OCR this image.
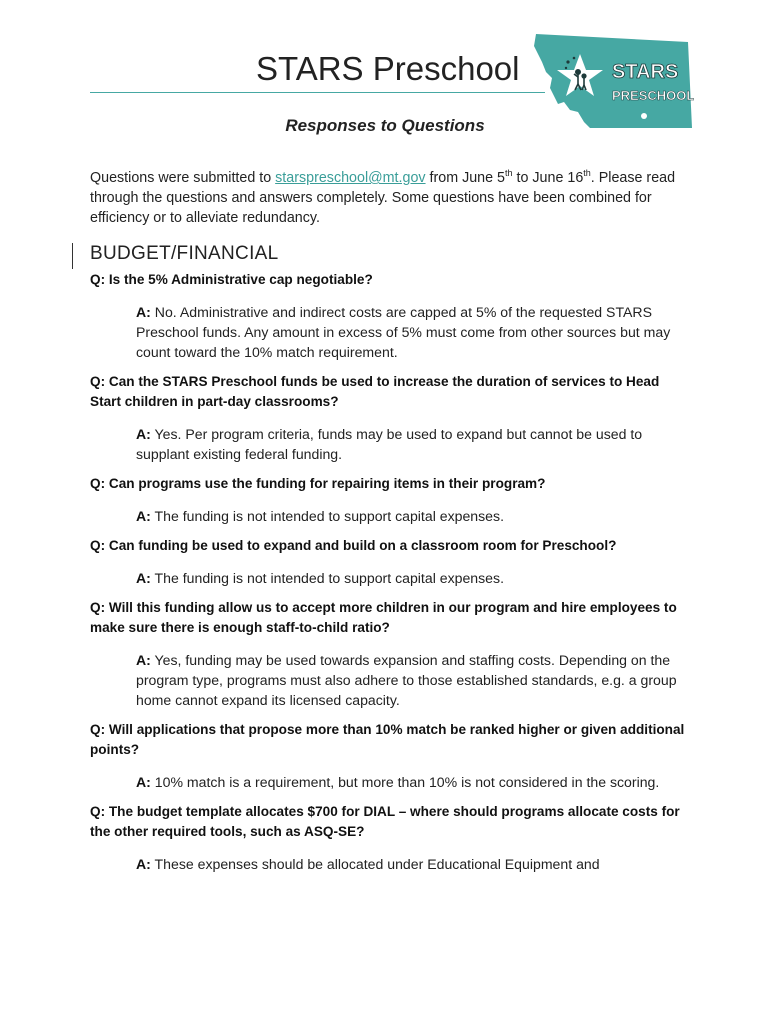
STARS Preschool
Responses to Questions
STARS
PRESCHOOL

Questions were submitted to starspreschool@mt.gov from June 5th to June 16th. Please read through the questions and answers completely. Some questions have been combined for efficiency or to alleviate redundancy.

BUDGET/FINANCIAL

Q: Is the 5% Administrative cap negotiable?

A: No. Administrative and indirect costs are capped at 5% of the requested STARS Preschool funds. Any amount in excess of 5% must come from other sources but may count toward the 10% match requirement.

Q: Can the STARS Preschool funds be used to increase the duration of services to Head Start children in part-day classrooms?

A: Yes. Per program criteria, funds may be used to expand but cannot be used to supplant existing federal funding.

Q: Can programs use the funding for repairing items in their program?

A: The funding is not intended to support capital expenses.

Q: Can funding be used to expand and build on a classroom room for Preschool?

A: The funding is not intended to support capital expenses.

Q: Will this funding allow us to accept more children in our program and hire employees to make sure there is enough staff-to-child ratio?

A: Yes, funding may be used towards expansion and staffing costs. Depending on the program type, programs must also adhere to those established standards, e.g. a group home cannot expand its licensed capacity.

Q: Will applications that propose more than 10% match be ranked higher or given additional points?

A: 10% match is a requirement, but more than 10% is not considered in the scoring.

Q: The budget template allocates $700 for DIAL – where should programs allocate costs for the other required tools, such as ASQ-SE?

A: These expenses should be allocated under Educational Equipment and
